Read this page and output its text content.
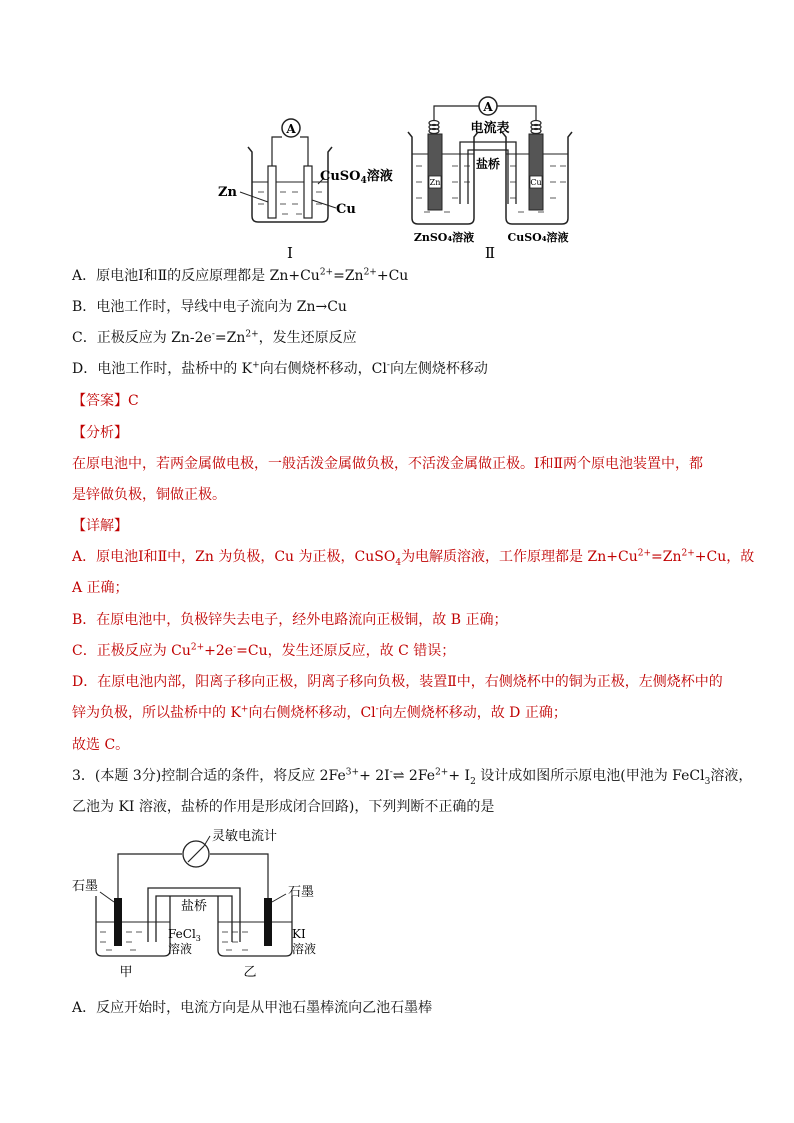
A
Zn
Cu
CuSO$_4$溶液
Ⅰ
A
电流表
盐桥
Zn	Cu
ZnSO₄溶液	CuSO₄溶液
Ⅱ
A．原电池Ⅰ和Ⅱ的反应原理都是 $Zn+Cu^{2+}=Zn^{2+}+Cu$
B．电池工作时，导线中电子流向为 Zn→Cu
C．正极反应为 $Zn-2e^-=Zn^{2+}$，发生还原反应
D．电池工作时，盐桥中的 K+向右侧烧杯移动，Cl-向左侧烧杯移动
【答案】C
【分析】
在原电池中，若两金属做电极，一般活泼金属做负极，不活泼金属做正极。Ⅰ和Ⅱ两个原电池装置中，都
是锌做负极，铜做正极。
【详解】
A．原电池Ⅰ和Ⅱ中，Zn 为负极，Cu 为正极，CuSO$_4$为电解质溶液，工作原理都是 $Zn+Cu^{2+}=Zn^{2+}+Cu$，故
A 正确；
B．在原电池中，负极锌失去电子，经外电路流向正极铜，故 B 正确；
C．正极反应为 $Cu^{2+}+2e^-=Cu$，发生还原反应，故 C 错误；
D．在原电池内部，阳离子移向正极，阴离子移向负极，装置Ⅱ中，右侧烧杯中的铜为正极，左侧烧杯中的
锌为负极，所以盐桥中的 K+向右侧烧杯移动，Cl-向左侧烧杯移动，故 D 正确；
故选 C。
3．(本题 3分)控制合适的条件，将反应 $2Fe^{3+}+$ 2I-⇌ $2Fe^{2+}+ I_2$ 设计成如图所示原电池(甲池为 FeCl$_3$溶液，
乙池为 KI 溶液，盐桥的作用是形成闭合回路)，下列判断不正确的是
灵敏电流计
盐桥
石墨	石墨
FeCl$_3$
溶液
KI
溶液
甲	乙
A．反应开始时，电流方向是从甲池石墨棒流向乙池石墨棒
